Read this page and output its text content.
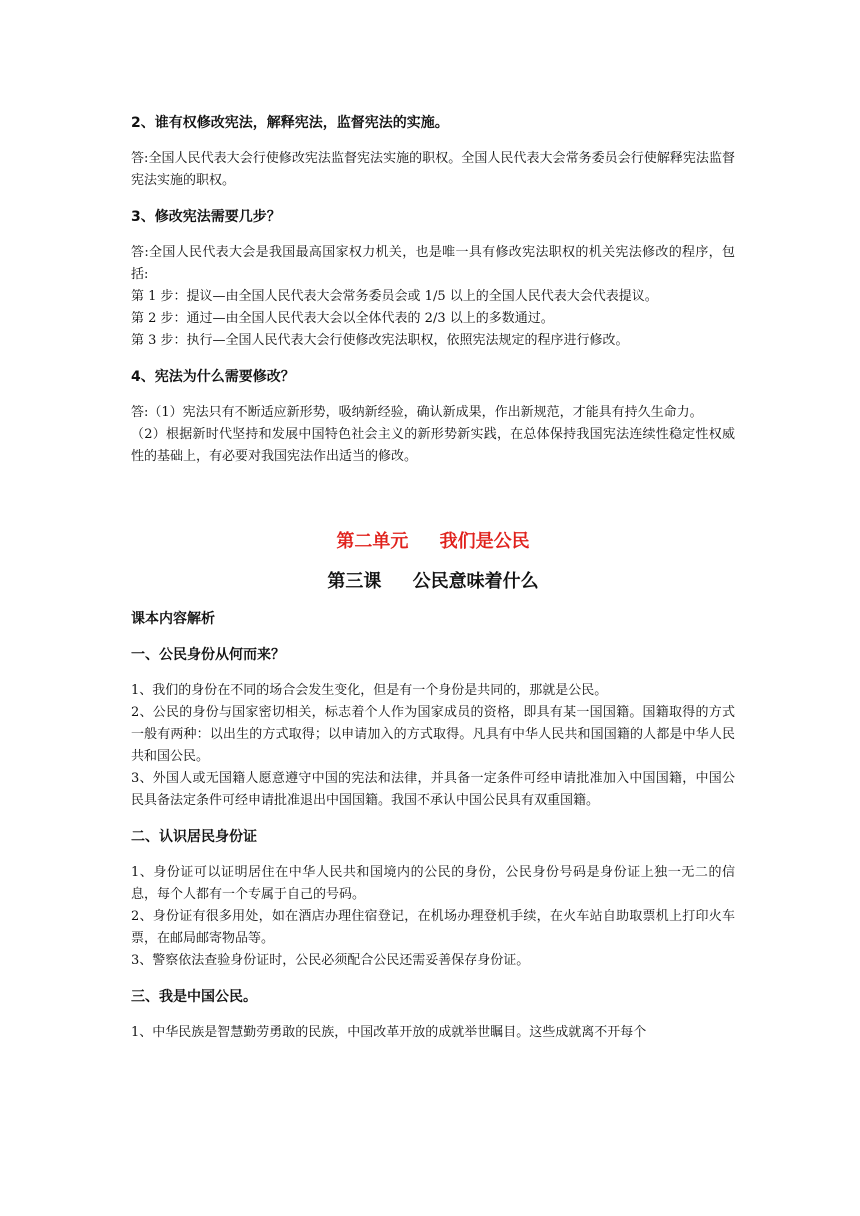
2、谁有权修改宪法，解释宪法，监督宪法的实施。

答:全国人民代表大会行使修改宪法监督宪法实施的职权。全国人民代表大会常务委员会行使解释宪法监督宪法实施的职权。

3、修改宪法需要几步？

答:全国人民代表大会是我国最高国家权力机关，也是唯一具有修改宪法职权的机关宪法修改的程序，包括:

第 1 步：提议—由全国人民代表大会常务委员会或 1/5 以上的全国人民代表大会代表提议。

第 2 步：通过—由全国人民代表大会以全体代表的 2/3 以上的多数通过。

第 3 步：执行—全国人民代表大会行使修改宪法职权，依照宪法规定的程序进行修改。

4、宪法为什么需要修改？

答:（1）宪法只有不断适应新形势，吸纳新经验，确认新成果，作出新规范，才能具有持久生命力。

（2）根据新时代坚持和发展中国特色社会主义的新形势新实践，在总体保持我国宪法连续性稳定性权威性的基础上，有必要对我国宪法作出适当的修改。

第二单元     我们是公民

第三课     公民意味着什么

课本内容解析

一、公民身份从何而来？

1、我们的身份在不同的场合会发生变化，但是有一个身份是共同的，那就是公民。

2、公民的身份与国家密切相关，标志着个人作为国家成员的资格，即具有某一国国籍。国籍取得的方式一般有两种：以出生的方式取得；以申请加入的方式取得。凡具有中华人民共和国国籍的人都是中华人民共和国公民。

3、外国人或无国籍人愿意遵守中国的宪法和法律，并具备一定条件可经申请批准加入中国国籍，中国公民具备法定条件可经申请批准退出中国国籍。我国不承认中国公民具有双重国籍。

二、认识居民身份证

1、身份证可以证明居住在中华人民共和国境内的公民的身份，公民身份号码是身份证上独一无二的信息，每个人都有一个专属于自己的号码。

2、身份证有很多用处，如在酒店办理住宿登记，在机场办理登机手续，在火车站自助取票机上打印火车票，在邮局邮寄物品等。

3、警察依法查验身份证时，公民必须配合公民还需妥善保存身份证。

三、我是中国公民。

1、中华民族是智慧勤劳勇敢的民族，中国改革开放的成就举世瞩目。这些成就离不开每个
